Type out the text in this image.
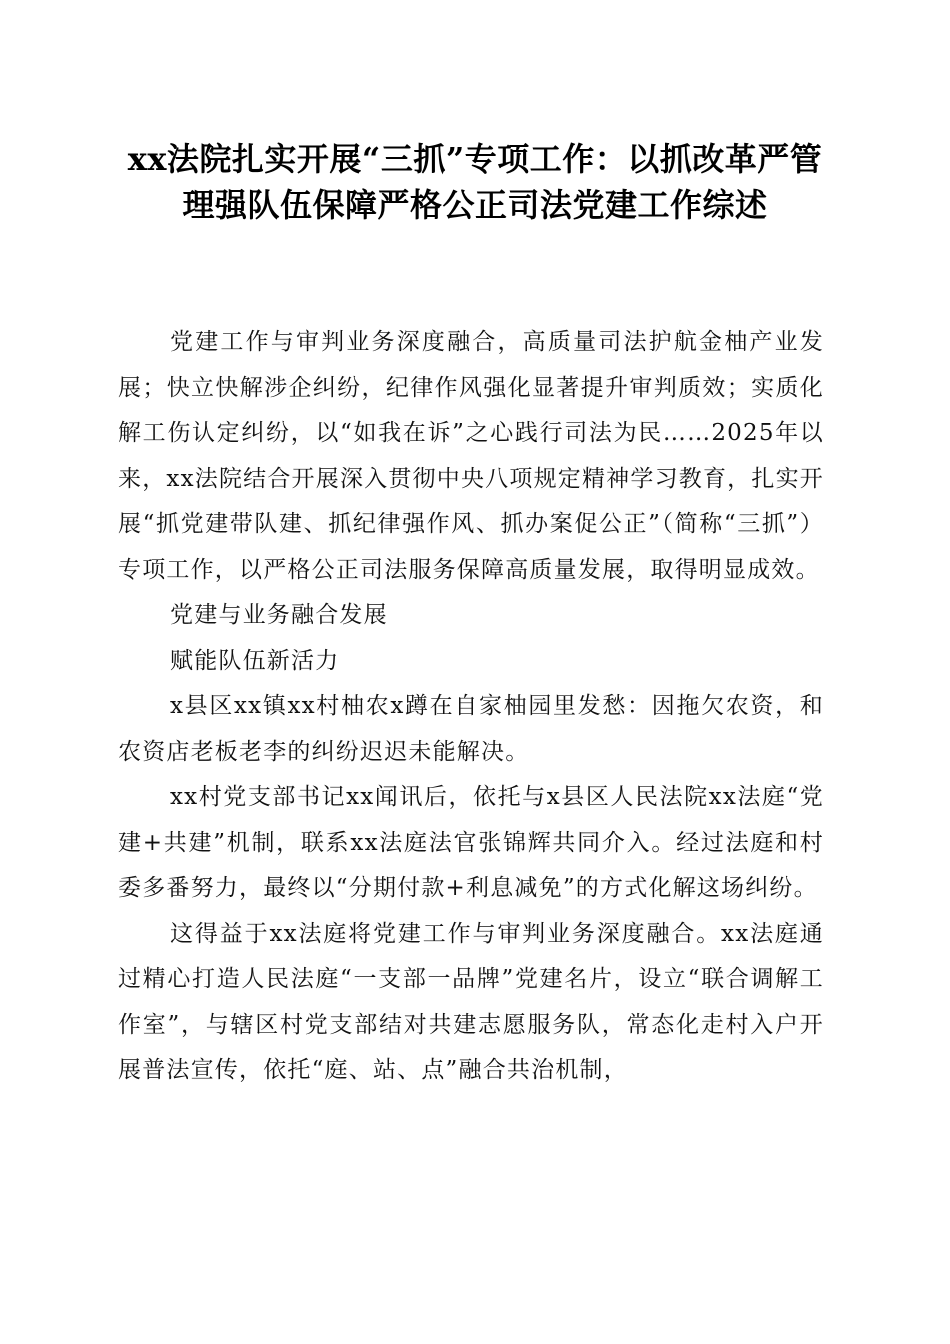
xx法院扎实开展“三抓”专项工作：以抓改革严管理强队伍保障严格公正司法党建工作综述

党建工作与审判业务深度融合，高质量司法护航金柚产业发展；快立快解涉企纠纷，纪律作风强化显著提升审判质效；实质化解工伤认定纠纷，以“如我在诉”之心践行司法为民……2025年以来，xx法院结合开展深入贯彻中央八项规定精神学习教育，扎实开展“抓党建带队建、抓纪律强作风、抓办案促公正”（简称“三抓”）专项工作，以严格公正司法服务保障高质量发展，取得明显成效。

党建与业务融合发展

赋能队伍新活力

x县区xx镇xx村柚农x蹲在自家柚园里发愁：因拖欠农资，和农资店老板老李的纠纷迟迟未能解决。

xx村党支部书记xx闻讯后，依托与x县区人民法院xx法庭“党建+共建”机制，联系xx法庭法官张锦辉共同介入。经过法庭和村委多番努力，最终以“分期付款+利息减免”的方式化解这场纠纷。

这得益于xx法庭将党建工作与审判业务深度融合。xx法庭通过精心打造人民法庭“一支部一品牌”党建名片，设立“联合调解工作室”，与辖区村党支部结对共建志愿服务队，常态化走村入户开展普法宣传，依托“庭、站、点”融合共治机制，
